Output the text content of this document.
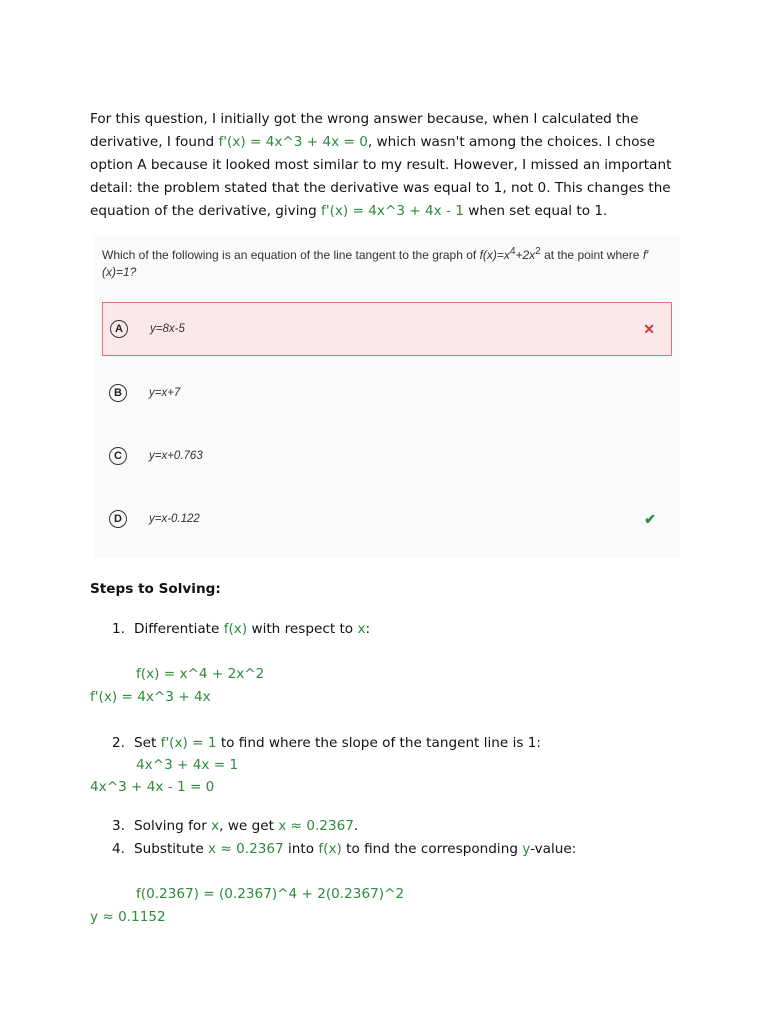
For this question, I initially got the wrong answer because, when I calculated the derivative, I found f'(x) = 4x^3 + 4x = 0, which wasn't among the choices. I chose option A because it looked most similar to my result. However, I missed an important detail: the problem stated that the derivative was equal to 1, not 0. This changes the equation of the derivative, giving f'(x) = 4x^3 + 4x - 1 when set equal to 1.

Which of the following is an equation of the line tangent to the graph of $f(x)=x^4+2x^2$ at the point where f′(x)=1?
A	y=8x-5	✕
B	y=x+7
C	y=x+0.763
D	y=x-0.122	✔
Steps to Solving:
1. Differentiate f(x) with respect to x:
f(x) = x^4 + 2x^2
f'(x) = 4x^3 + 4x
2. Set f'(x) = 1 to find where the slope of the tangent line is 1:
4x^3 + 4x = 1
4x^3 + 4x - 1 = 0
3. Solving for x, we get x ≈ 0.2367.
4. Substitute x ≈ 0.2367 into f(x) to find the corresponding y-value:
f(0.2367) = (0.2367)^4 + 2(0.2367)^2
y ≈ 0.1152
